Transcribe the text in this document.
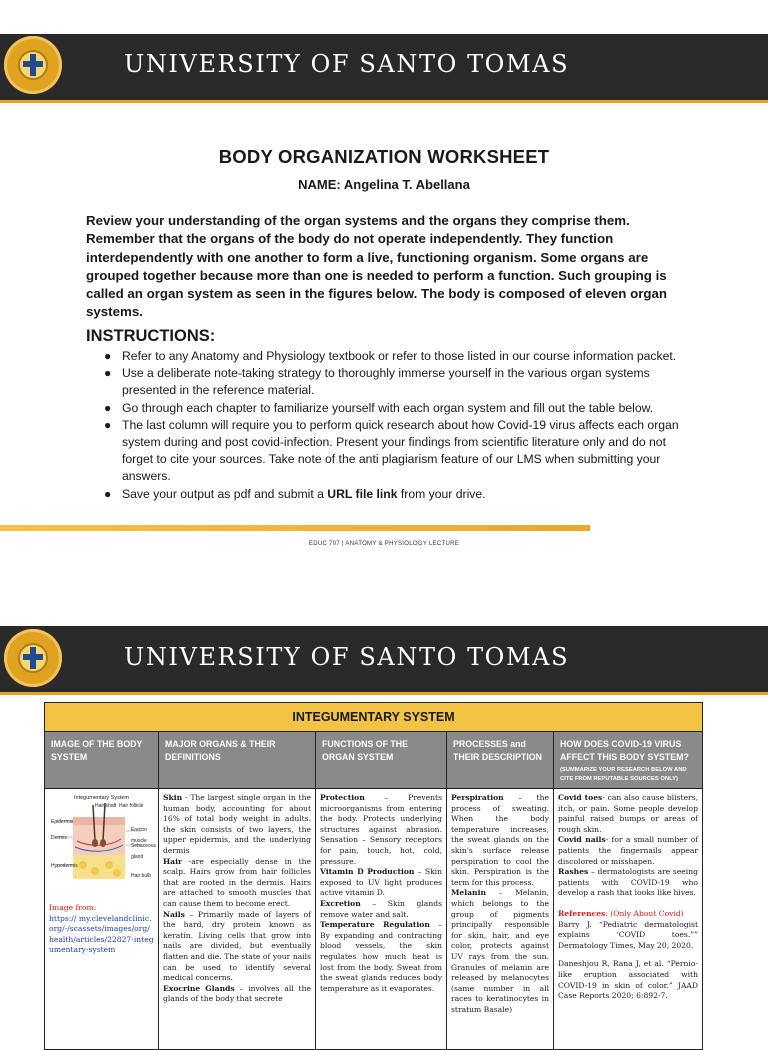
UNIVERSITY OF SANTO TOMAS
BODY ORGANIZATION WORKSHEET
NAME: Angelina T. Abellana
Review your understanding of the organ systems and the organs they comprise them. Remember that the organs of the body do not operate independently. They function interdependently with one another to form a live, functioning organism. Some organs are grouped together because more than one is needed to perform a function. Such grouping is called an organ system as seen in the figures below. The body is composed of eleven organ systems.
INSTRUCTIONS:
● Refer to any Anatomy and Physiology textbook or refer to those listed in our course information packet.
● Use a deliberate note-taking strategy to thoroughly immerse yourself in the various organ systems presented in the reference material.
● Go through each chapter to familiarize yourself with each organ system and fill out the table below.
● The last column will require you to perform quick research about how Covid-19 virus affects each organ system during and post covid-infection. Present your findings from scientific literature only and do not forget to cite your sources. Take note of the anti plagiarism feature of our LMS when submitting your answers.
● Save your output as pdf and submit a URL file link from your drive.
EDUC 707 | ANATOMY & PHYSIOLOGY LECTURE
UNIVERSITY OF SANTO TOMAS
INTEGUMENTARY SYSTEM
IMAGE OF THE BODY SYSTEM
MAJOR ORGANS & THEIR DEFINITIONS
FUNCTIONS OF THE ORGAN SYSTEM
PROCESSES and THEIR DESCRIPTION
HOW DOES COVID-19 VIRUS AFFECT THIS BODY SYSTEM?
(SUMMARIZE YOUR RESEARCH BELOW AND CITE FROM REPUTABLE SOURCES ONLY)
Integumentary System
Hair shaft Hair follicle
Epidermis
Dermis
Erector muscle
Sebaceous gland
Hypodermis
Hair bulb
Image from:
https:// my.clevelandclinic.org/-/scassets/images/org/health/articles/22827-integumentary-system
Skin - The largest single organ in the human body, accounting for about 16% of total body weight in adults. the skin consists of two layers, the upper epidermis, and the underlying dermis
Hair -are especially dense in the scalp. Hairs grow from hair follicles that are rooted in the dermis. Hairs are attached to smooth muscles that can cause them to become erect.
Nails – Primarily made of layers of the hard, dry protein known as keratin. Living cells that grow into nails are divided, but eventually flatten and die. The state of your nails can be used to identify several medical concerns.
Exocrine Glands – involves all the glands of the body that secrete
Protection – Prevents microorganisms from entering the body. Protects underlying structures against abrasion. Sensation – Sensory receptors for pain, touch, hot, cold, pressure.
Vitamin D Production – Skin exposed to UV light produces active vitamin D.
Excretion – Skin glands remove water and salt.
Temperature Regulation – By expanding and contracting blood vessels, the skin regulates how much heat is lost from the body. Sweat from the sweat glands reduces body temperature as it evaporates.
Perspiration – the process of sweating. When the body temperature increases, the sweat glands on the skin's surface release perspiration to cool the skin. Perspiration is the term for this process.
Melanin – Melanin, which belongs to the group of pigments principally responsible for skin, hair, and eye color, protects against UV rays from the sun. Granules of melanin are released by melanocytes (same number in all races to keratinocytes in stratum Basale)
Covid toes- can also cause blisters, itch, or pain. Some people develop painful raised bumps or areas of rough skin.
Covid nails- for a small number of patients the fingernails appear discolored or misshapen.
Rashes – dermatologists are seeing patients with COVID-19 who develop a rash that looks like hives.
References: (Only About Covid)
Barry J. “Pediatric dermatologist explains ‘COVID toes.”” Dermatology Times, May 20, 2020.
Daneshjou R, Rana J, et al. “Pernio-like eruption associated with COVID-19 in skin of color.” JAAD Case Reports 2020; 6:892-7.
